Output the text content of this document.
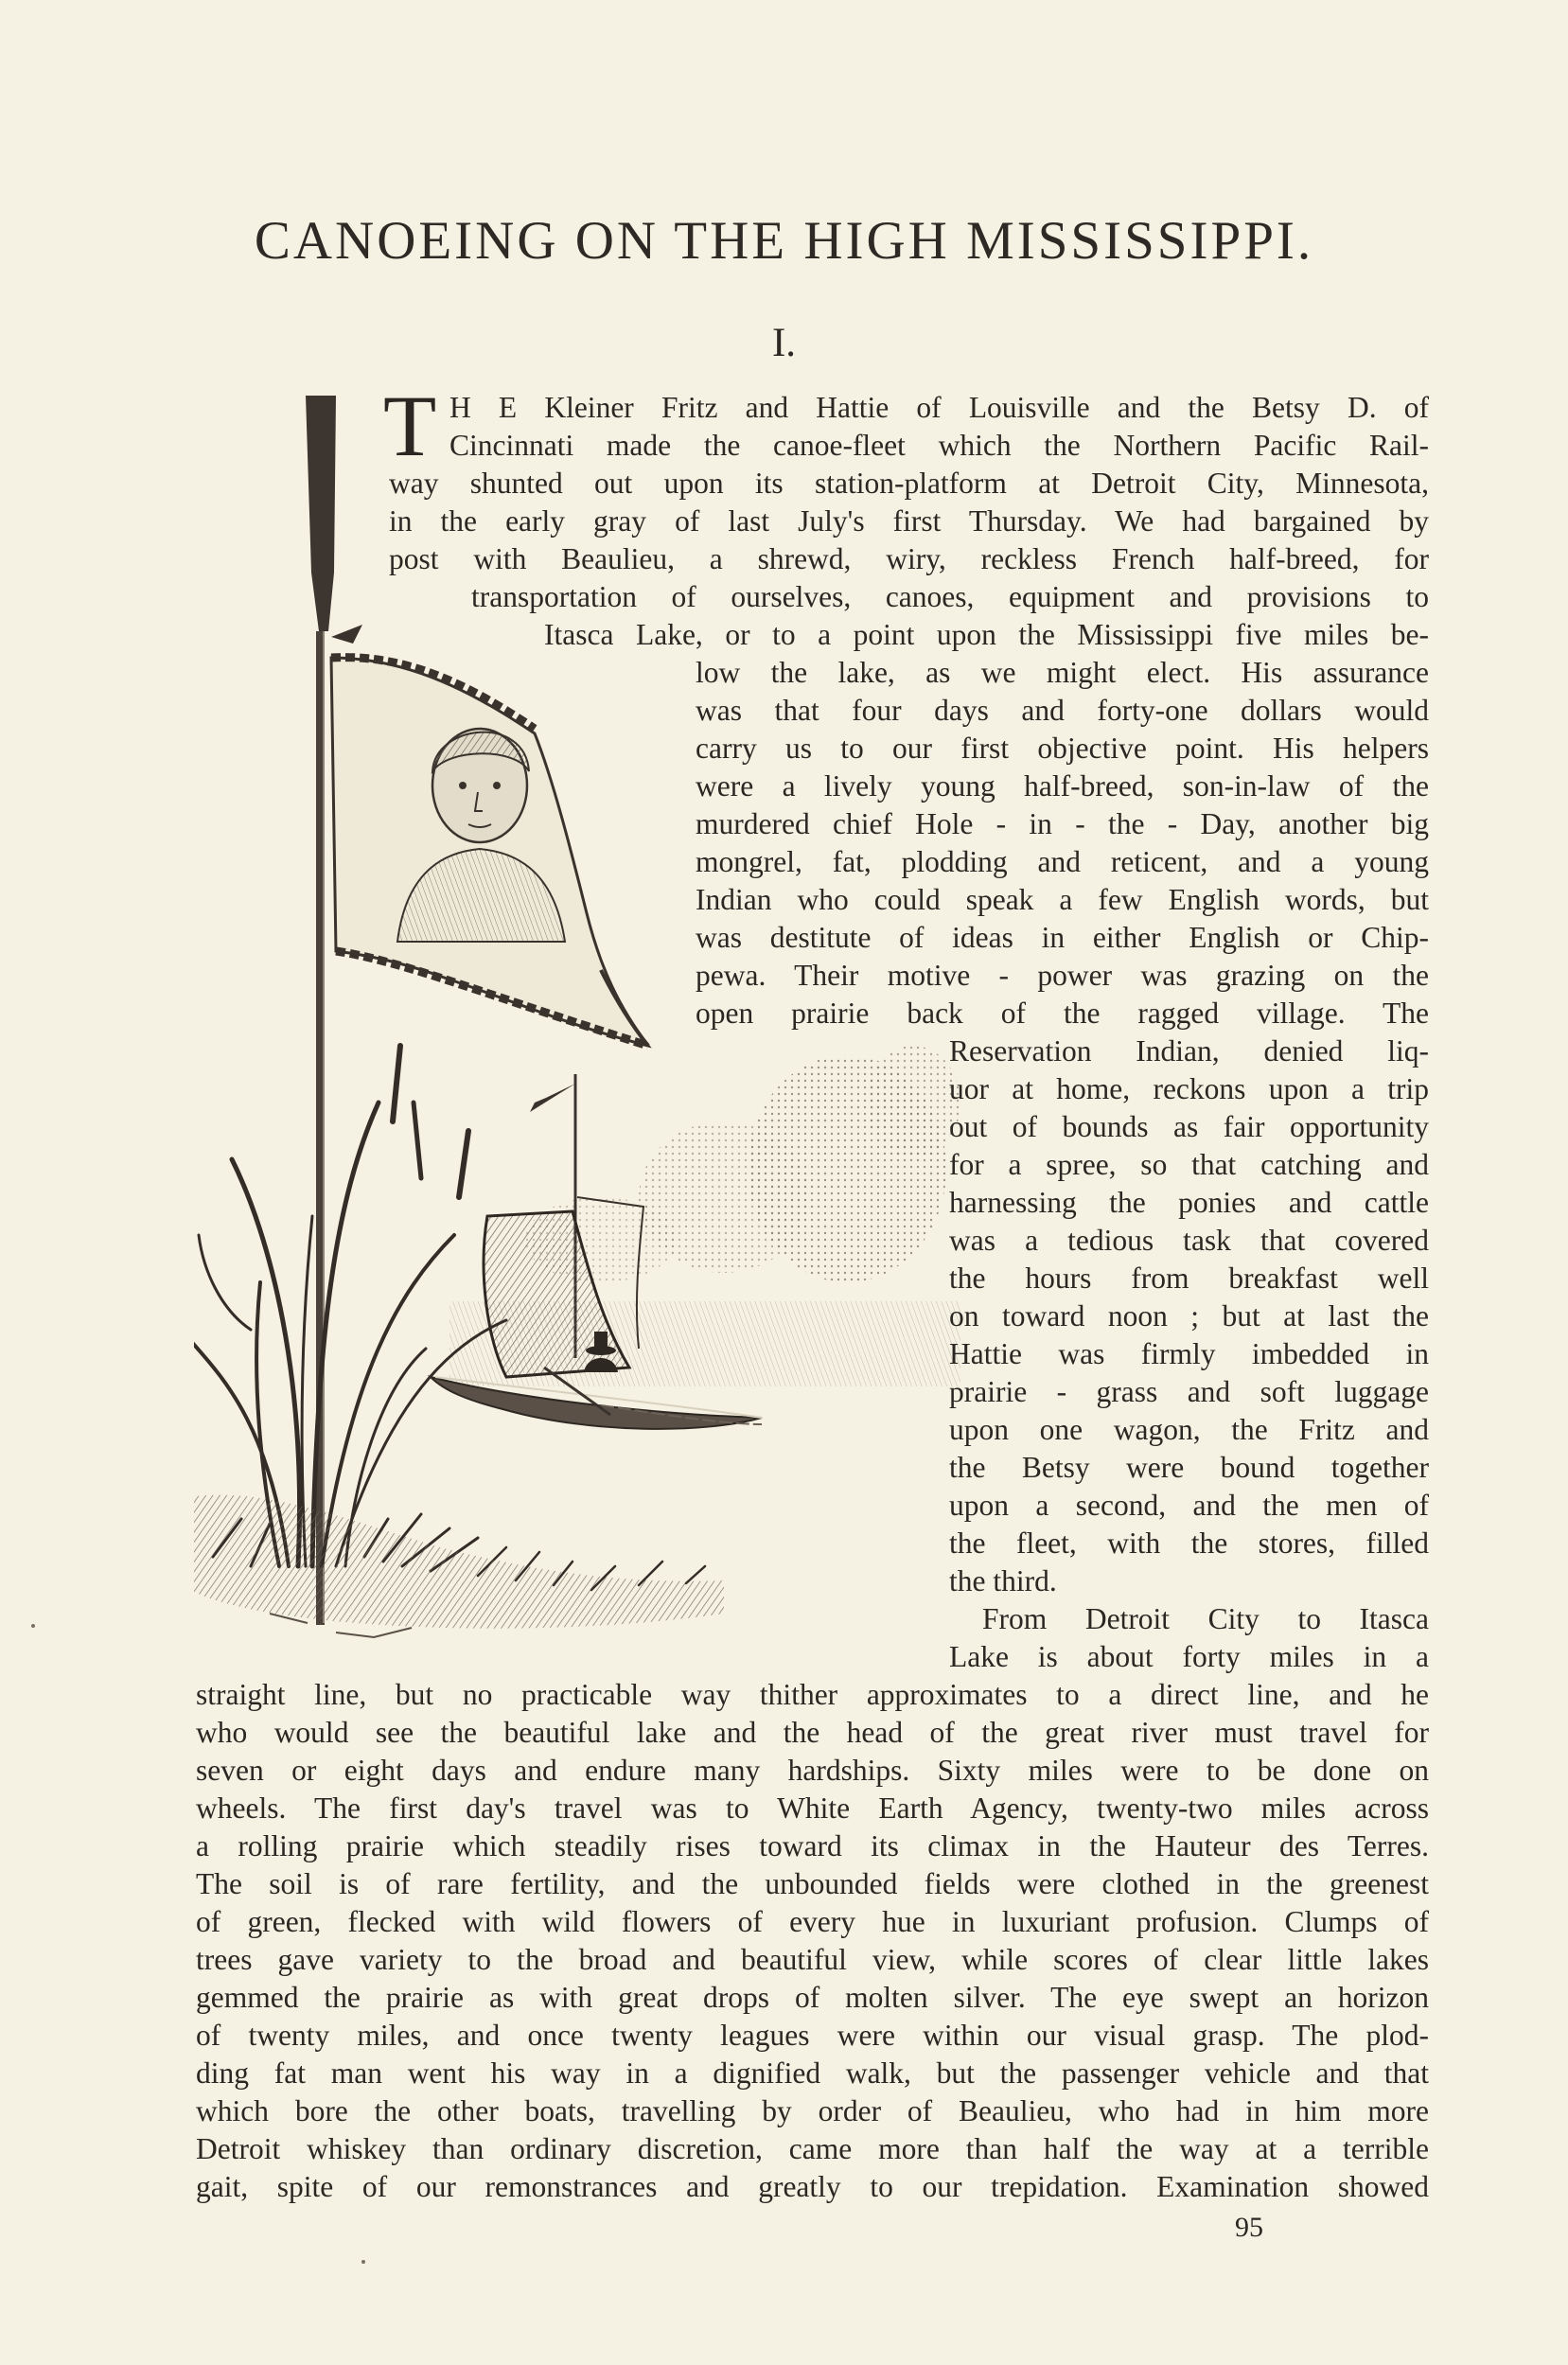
CANOEING ON THE HIGH MISSISSIPPI.
I.
T H E Kleiner Fritz and Hattie of Louisville and the Betsy D. of

Cincinnati made the canoe-fleet which the Northern Pacific Rail-

way shunted out upon its station-platform at Detroit City, Minnesota,

in the early gray of last July's first Thursday. We had bargained by

post with Beaulieu, a shrewd, wiry, reckless French half-breed, for

transportation of ourselves, canoes, equipment and provisions to

Itasca Lake, or to a point upon the Mississippi five miles be-

low the lake, as we might elect. His assurance

was that four days and forty-one dollars would

carry us to our first objective point. His helpers

were a lively young half-breed, son-in-law of the

murdered chief Hole - in - the - Day, another big

mongrel, fat, plodding and reticent, and a young

Indian who could speak a few English words, but

was destitute of ideas in either English or Chip-

pewa. Their motive - power was grazing on the

open prairie back of the ragged village. The

Reservation Indian, denied liq-

uor at home, reckons upon a trip

out of bounds as fair opportunity

for a spree, so that catching and

harnessing the ponies and cattle

was a tedious task that covered

the hours from breakfast well

on toward noon ; but at last the

Hattie was firmly imbedded in

prairie - grass and soft luggage

upon one wagon, the Fritz and

the Betsy were bound together

upon a second, and the men of

the fleet, with the stores, filled

the third.

From Detroit City to Itasca

Lake is about forty miles in a

straight line, but no practicable way thither approximates to a direct line, and he

who would see the beautiful lake and the head of the great river must travel for

seven or eight days and endure many hardships. Sixty miles were to be done on

wheels. The first day's travel was to White Earth Agency, twenty-two miles across

a rolling prairie which steadily rises toward its climax in the Hauteur des Terres.

The soil is of rare fertility, and the unbounded fields were clothed in the greenest

of green, flecked with wild flowers of every hue in luxuriant profusion. Clumps of

trees gave variety to the broad and beautiful view, while scores of clear little lakes

gemmed the prairie as with great drops of molten silver. The eye swept an horizon

of twenty miles, and once twenty leagues were within our visual grasp. The plod-

ding fat man went his way in a dignified walk, but the passenger vehicle and that

which bore the other boats, travelling by order of Beaulieu, who had in him more

Detroit whiskey than ordinary discretion, came more than half the way at a terrible

gait, spite of our remonstrances and greatly to our trepidation. Examination showed

95
